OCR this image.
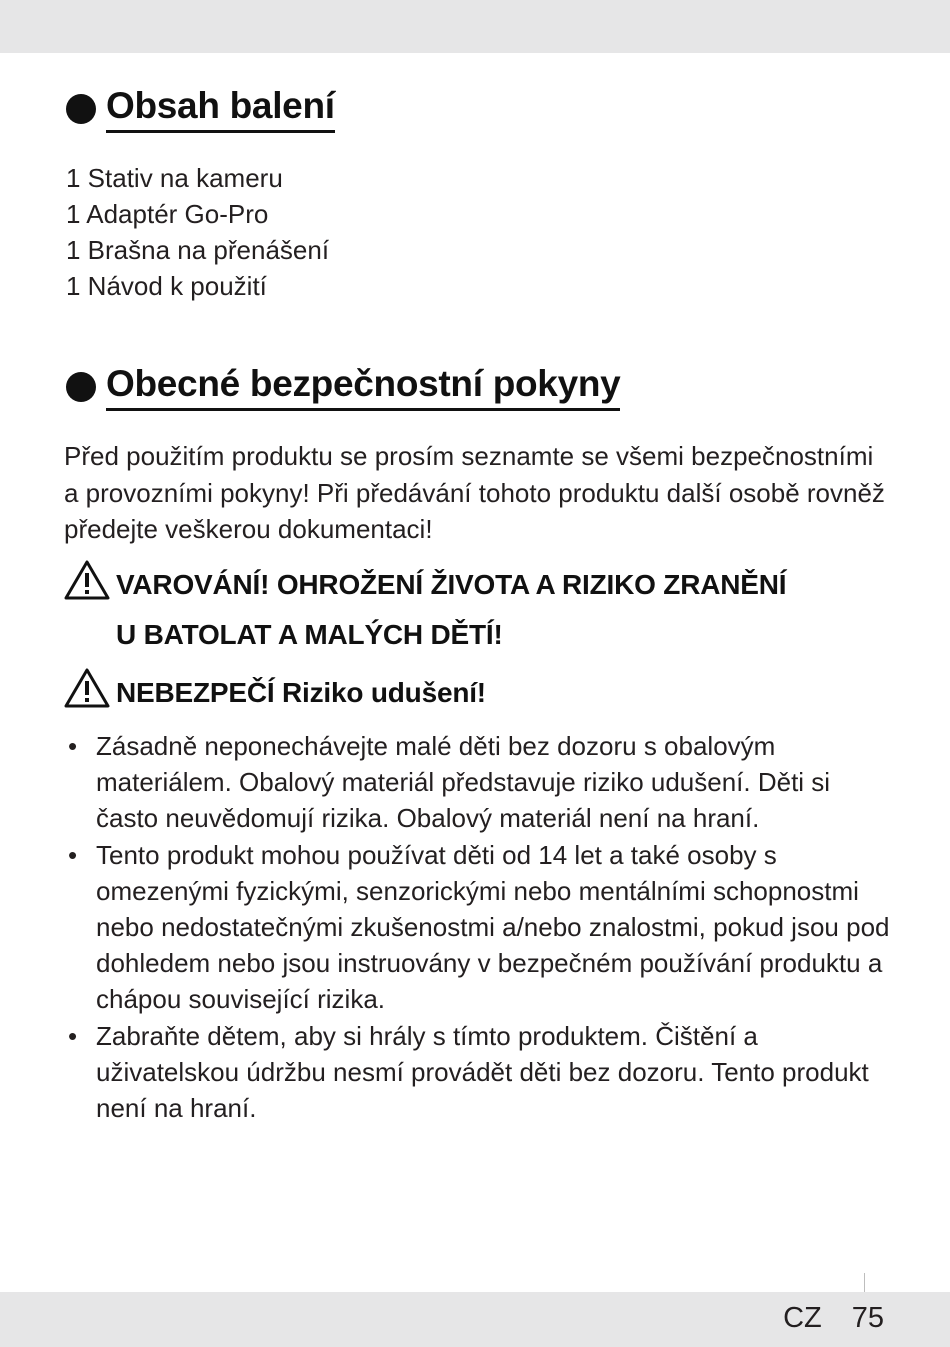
Obsah balení
1 Stativ na kameru
1 Adaptér Go-Pro
1 Brašna na přenášení
1 Návod k použití
Obecné bezpečnostní pokyny

Před použitím produktu se prosím seznamte se všemi bezpečnostními a provozními pokyny! Při předávání tohoto produktu další osobě rovněž předejte veškerou dokumentaci!

VAROVÁNÍ! OHROŽENÍ ŽIVOTA A RIZIKO ZRANĚNÍ
U BATOLAT A MALÝCH DĚTÍ!
NEBEZPEČÍ Riziko udušení!
• Zásadně neponechávejte malé děti bez dozoru s obalovým materiálem. Obalový materiál představuje riziko udušení. Děti si často neuvědomují rizika. Obalový materiál není na hraní.
• Tento produkt mohou používat děti od 14 let a také osoby s omezenými fyzickými, senzorickými nebo mentálními schopnostmi nebo nedostatečnými zkušenostmi a/nebo znalostmi, pokud jsou pod dohledem nebo jsou instruovány v bezpečném používání produktu a chápou související rizika.
• Zabraňte dětem, aby si hrály s tímto produktem. Čištění a uživatelskou údržbu nesmí provádět děti bez dozoru. Tento produkt není na hraní.
CZ 75
